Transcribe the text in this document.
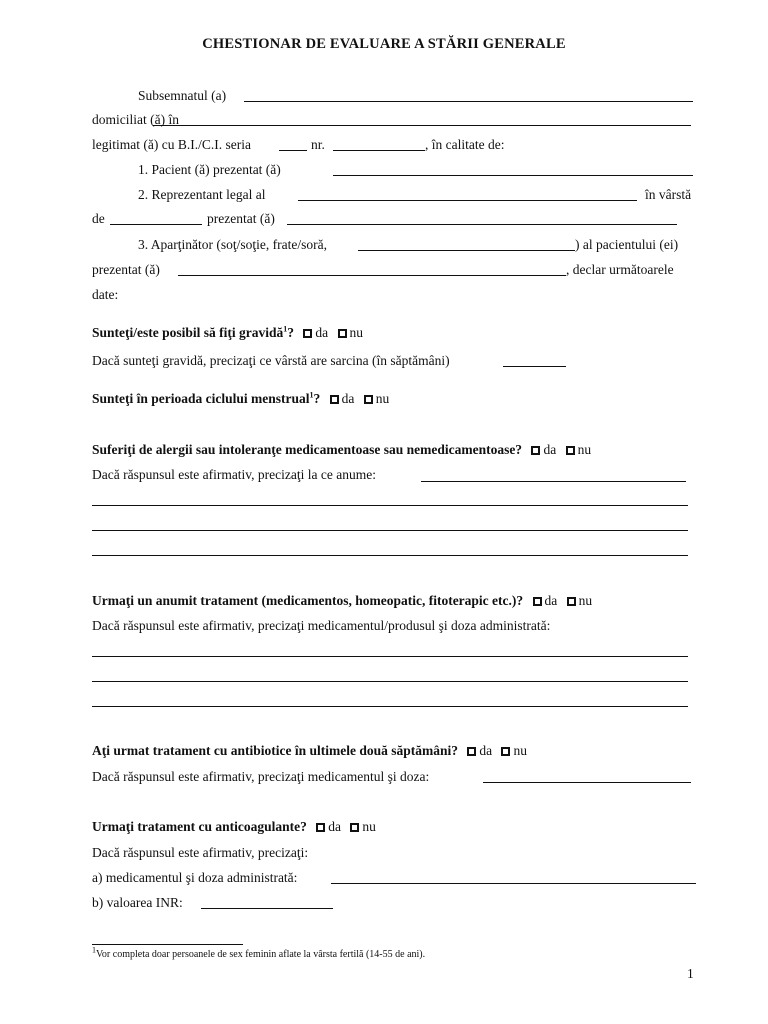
CHESTIONAR DE EVALUARE A STĂRII GENERALE
Subsemnatul (a)
domiciliat (ă) în
legitimat (ă) cu B.I./C.I. seria	nr.	, în calitate de:
1. Pacient (ă) prezentat (ă)
2. Reprezentant legal al	în vârstă
de	prezentat (ă)
3. Aparţinător (soţ/soţie, frate/soră,	) al pacientului (ei)
prezentat (ă)	, declar următoarele
date:
Sunteţi/este posibil să fiţi gravidă$^1$? da nu
Dacă sunteţi gravidă, precizaţi ce vârstă are sarcina (în săptămâni)
Sunteţi în perioada ciclului menstrual$^1$? da nu
Suferiţi de alergii sau intoleranţe medicamentoase sau nemedicamentoase? da nu
Dacă răspunsul este afirmativ, precizaţi la ce anume:
Urmaţi un anumit tratament (medicamentos, homeopatic, fitoterapic etc.)? da nu
Dacă răspunsul este afirmativ, precizaţi medicamentul/produsul şi doza administrată:
Aţi urmat tratament cu antibiotice în ultimele două săptămâni? da nu
Dacă răspunsul este afirmativ, precizaţi medicamentul şi doza:
Urmaţi tratament cu anticoagulante? da nu
Dacă răspunsul este afirmativ, precizaţi:
a) medicamentul şi doza administrată:
b) valoarea INR:
$^1$Vor completa doar persoanele de sex feminin aflate la vârsta fertilă (14-55 de ani).
1
